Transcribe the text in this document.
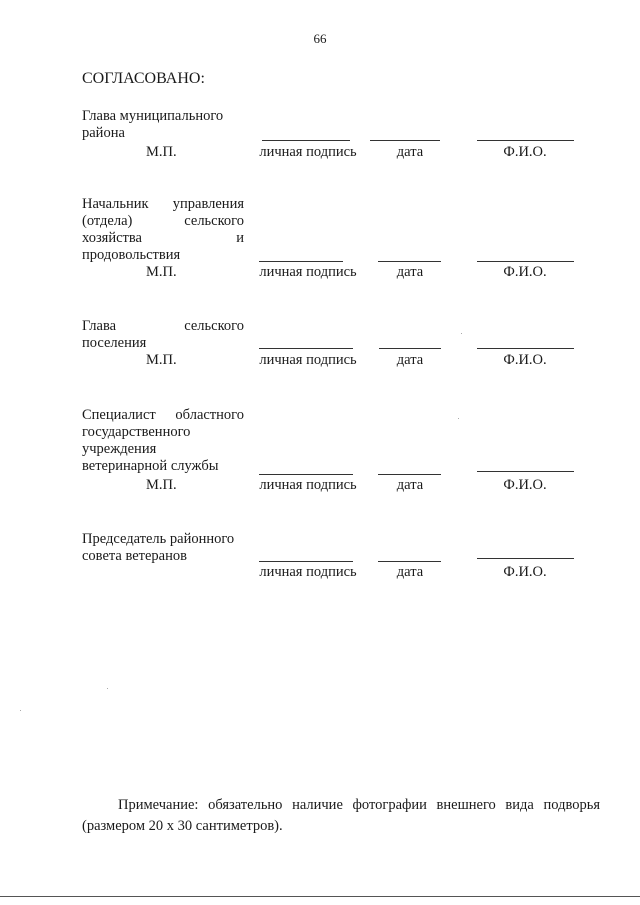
66
СОГЛАСОВАНО:
Глава муниципального
района
М.П.	личная подпись	дата	Ф.И.О.
Начальник управления
(отдела) сельского
хозяйства и
продовольствия
М.П.	личная подпись	дата	Ф.И.О.
Глава сельского
поселения
М.П.	личная подпись	дата	Ф.И.О.
Специалист областного
государственного
учреждения
ветеринарной службы
М.П.	личная подпись	дата	Ф.И.О.
Председатель районного
совета ветеранов
личная подпись	дата	Ф.И.О.
Примечание: обязательно наличие фотографии внешнего вида подворья (размером 20 х 30 сантиметров).
